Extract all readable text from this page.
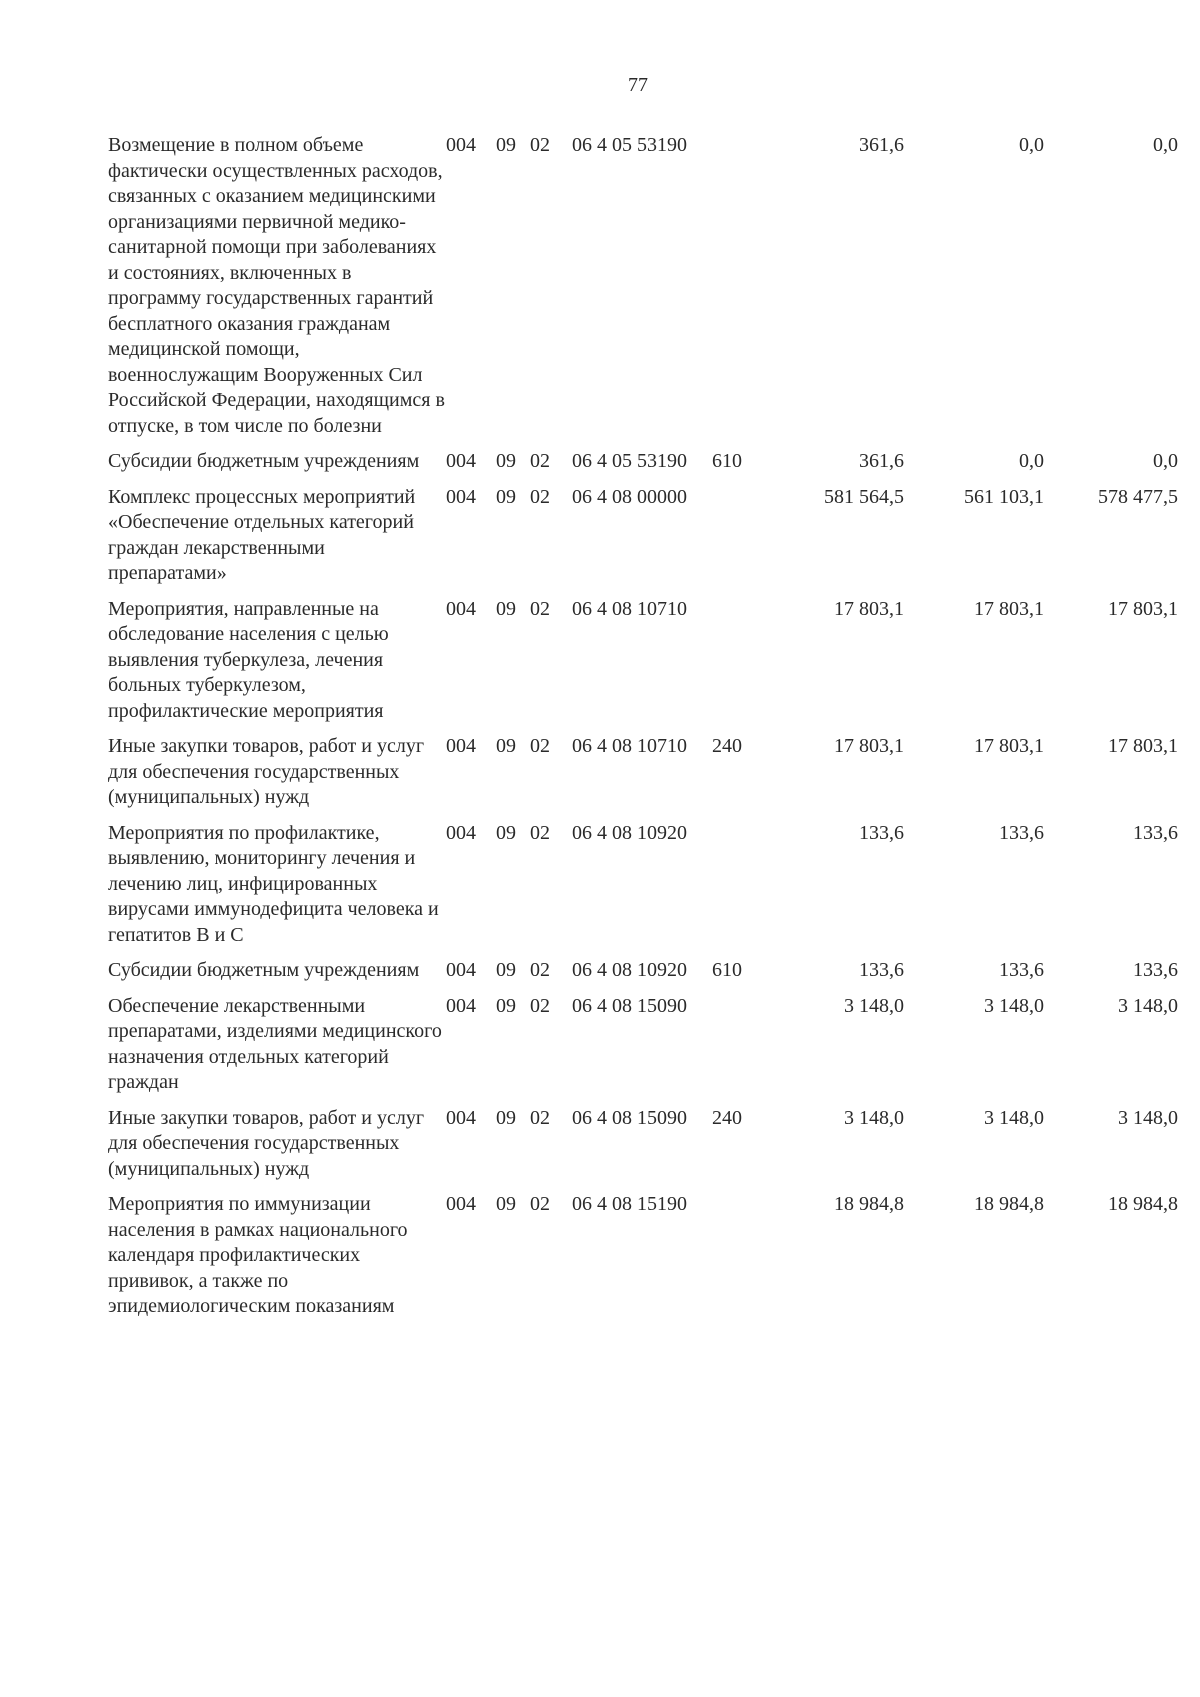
77
Возмещение в полном объеме фактически осуществленных расходов, связанных с оказанием медицинскими организациями первичной медико-санитарной помощи при заболеваниях и состояниях, включенных в программу государственных гарантий бесплатного оказания гражданам медицинской помощи, военнослужащим Вооруженных Сил Российской Федерации, находящимся в отпуске, в том числе по болезни	004	09	02	06 4 05 53190		361,6	0,0	0,0
Субсидии бюджетным учреждениям	004	09	02	06 4 05 53190	610	361,6	0,0	0,0
Комплекс процессных мероприятий «Обеспечение отдельных категорий граждан лекарственными препаратами»	004	09	02	06 4 08 00000		581 564,5	561 103,1	578 477,5
Мероприятия, направленные на обследование населения с целью выявления туберкулеза, лечения больных туберкулезом, профилактические мероприятия	004	09	02	06 4 08 10710		17 803,1	17 803,1	17 803,1
Иные закупки товаров, работ и услуг для обеспечения государственных (муниципальных) нужд	004	09	02	06 4 08 10710	240	17 803,1	17 803,1	17 803,1
Мероприятия по профилактике, выявлению, мониторингу лечения и лечению лиц, инфицированных вирусами иммунодефицита человека и гепатитов В и С	004	09	02	06 4 08 10920		133,6	133,6	133,6
Субсидии бюджетным учреждениям	004	09	02	06 4 08 10920	610	133,6	133,6	133,6
Обеспечение лекарственными препаратами, изделиями медицинского назначения отдельных категорий граждан	004	09	02	06 4 08 15090		3 148,0	3 148,0	3 148,0
Иные закупки товаров, работ и услуг для обеспечения государственных (муниципальных) нужд	004	09	02	06 4 08 15090	240	3 148,0	3 148,0	3 148,0
Мероприятия по иммунизации населения в рамках национального календаря профилактических прививок, а также по эпидемиологическим показаниям	004	09	02	06 4 08 15190		18 984,8	18 984,8	18 984,8
